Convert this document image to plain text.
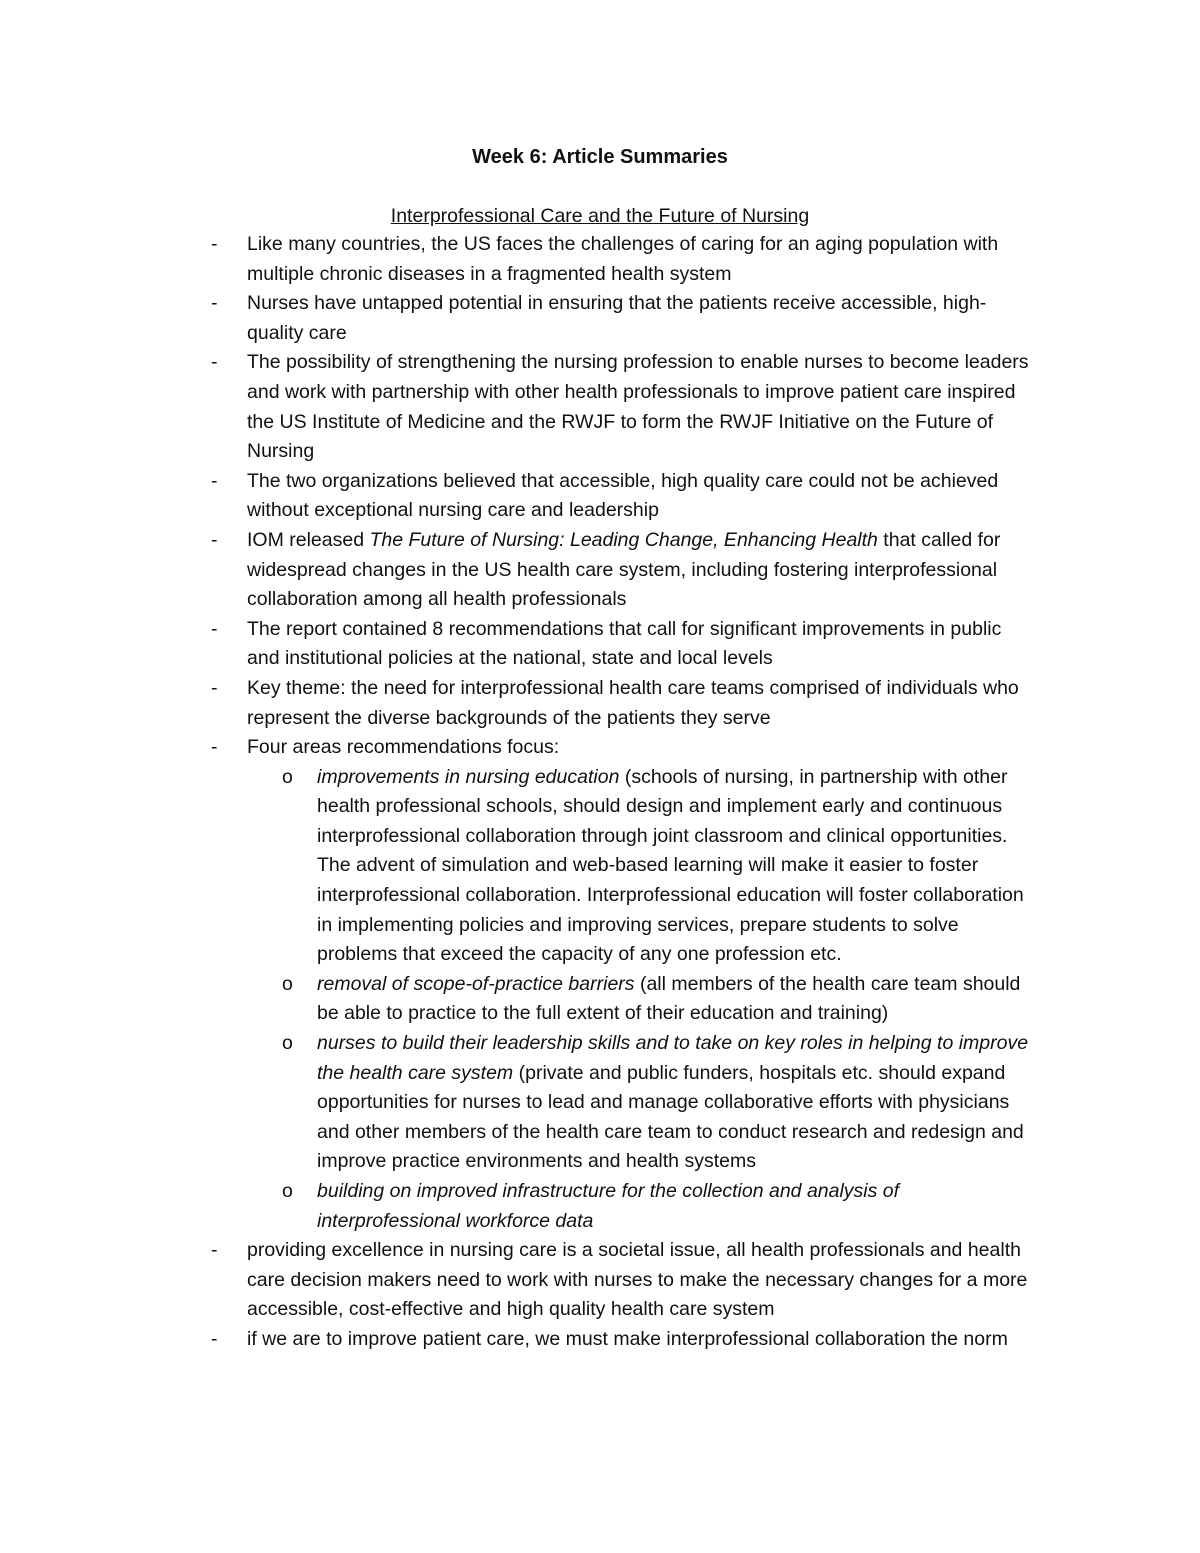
Week 6: Article Summaries
Interprofessional Care and the Future of Nursing
- Like many countries, the US faces the challenges of caring for an aging population with multiple chronic diseases in a fragmented health system
- Nurses have untapped potential in ensuring that the patients receive accessible, high-quality care
- The possibility of strengthening the nursing profession to enable nurses to become leaders and work with partnership with other health professionals to improve patient care inspired the US Institute of Medicine and the RWJF to form the RWJF Initiative on the Future of Nursing
- The two organizations believed that accessible, high quality care could not be achieved without exceptional nursing care and leadership
- IOM released The Future of Nursing: Leading Change, Enhancing Health that called for widespread changes in the US health care system, including fostering interprofessional collaboration among all health professionals
- The report contained 8 recommendations that call for significant improvements in public and institutional policies at the national, state and local levels
- Key theme: the need for interprofessional health care teams comprised of individuals who represent the diverse backgrounds of the patients they serve
- Four areas recommendations focus:
o improvements in nursing education (schools of nursing, in partnership with other health professional schools, should design and implement early and continuous interprofessional collaboration through joint classroom and clinical opportunities. The advent of simulation and web-based learning will make it easier to foster interprofessional collaboration. Interprofessional education will foster collaboration in implementing policies and improving services, prepare students to solve problems that exceed the capacity of any one profession etc.
o removal of scope-of-practice barriers (all members of the health care team should be able to practice to the full extent of their education and training)
o nurses to build their leadership skills and to take on key roles in helping to improve the health care system (private and public funders, hospitals etc. should expand opportunities for nurses to lead and manage collaborative efforts with physicians and other members of the health care team to conduct research and redesign and improve practice environments and health systems
o building on improved infrastructure for the collection and analysis of interprofessional workforce data
- providing excellence in nursing care is a societal issue, all health professionals and health care decision makers need to work with nurses to make the necessary changes for a more accessible, cost-effective and high quality health care system
- if we are to improve patient care, we must make interprofessional collaboration the norm
